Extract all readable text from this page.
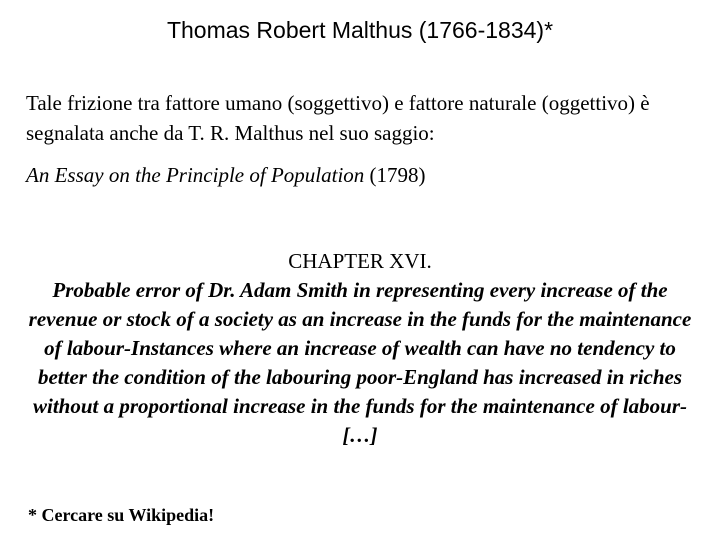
Thomas Robert Malthus (1766-1834)*

Tale frizione tra fattore umano (soggettivo) e fattore naturale (oggettivo) è segnalata anche da T. R. Malthus nel suo saggio:

An Essay on the Principle of Population (1798)

CHAPTER XVI.
Probable error of Dr. Adam Smith in representing every increase of the revenue or stock of a society as an increase in the funds for the maintenance of labour-Instances where an increase of wealth can have no tendency to better the condition of the labouring poor-England has increased in riches without a proportional increase in the funds for the maintenance of labour-[…]
* Cercare su Wikipedia!
